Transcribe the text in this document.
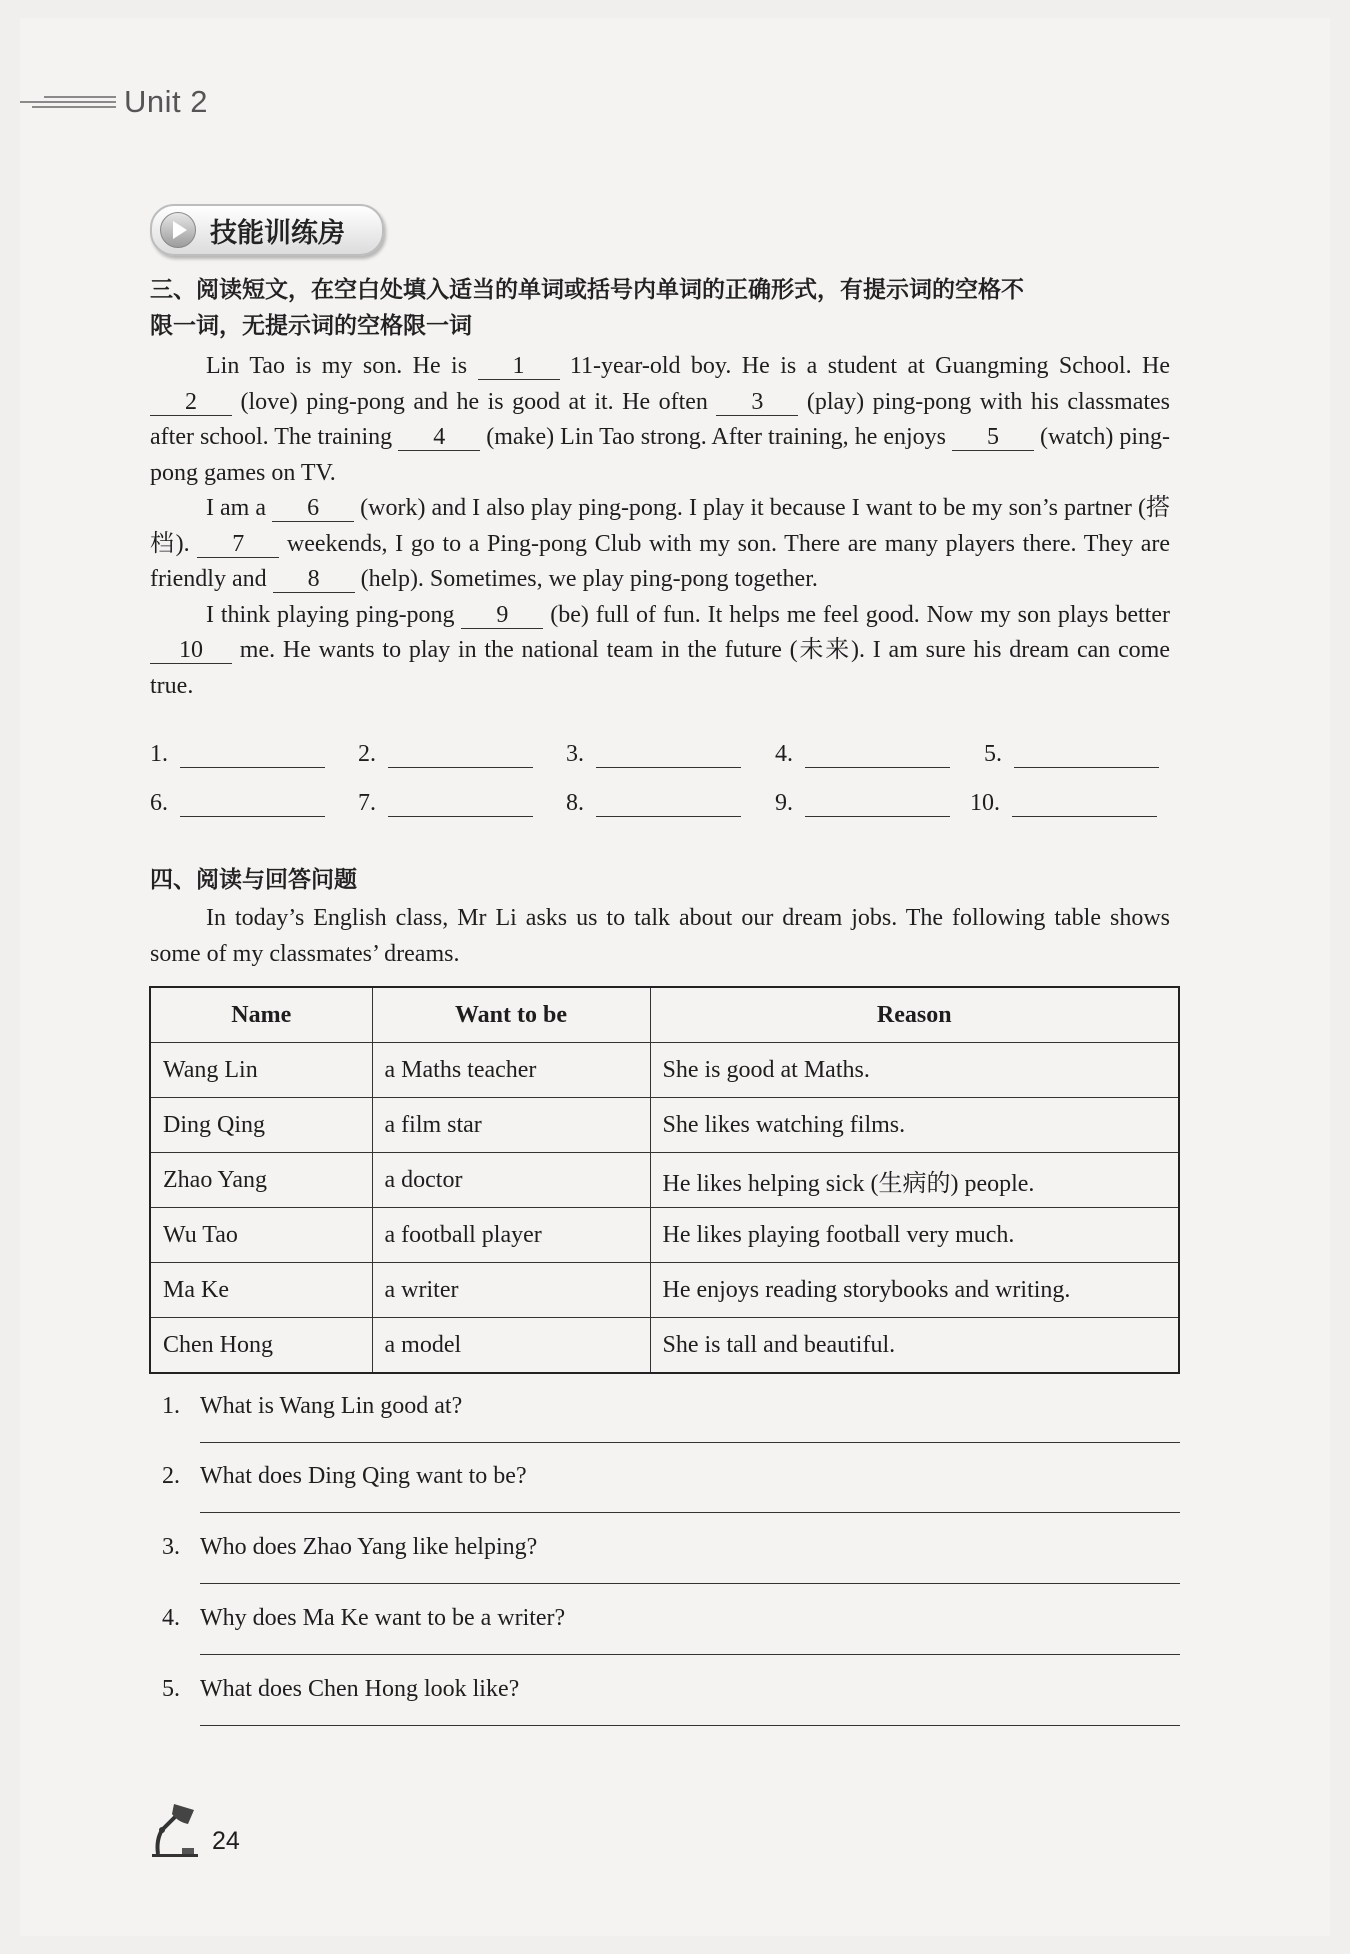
Unit 2
技能训练房
三、阅读短文，在空白处填入适当的单词或括号内单词的正确形式，有提示词的空格不
限一词，无提示词的空格限一词

Lin Tao is my son. He is 1 11-year-old boy. He is a student at Guangming School. He 2 (love) ping-pong and he is good at it. He often 3 (play) ping-pong with his classmates after school. The training 4 (make) Lin Tao strong. After training, he enjoys 5 (watch) ping-pong games on TV.

I am a 6 (work) and I also play ping-pong. I play it because I want to be my son’s partner (搭档). 7 weekends, I go to a Ping-pong Club with my son. There are many players there. They are friendly and 8 (help). Sometimes, we play ping-pong together.

I think playing ping-pong 9 (be) full of fun. It helps me feel good. Now my son plays better 10 me. He wants to play in the national team in the future (未来). I am sure his dream can come true.

1.	2.	3.	4.	5.
6.	7.	8.	9.	10.
四、阅读与回答问题

In today’s English class, Mr Li asks us to talk about our dream jobs. The following table shows some of my classmates’ dreams.

Name	Want to be	Reason
Wang Lin	a Maths teacher	She is good at Maths.
Ding Qing	a film star	She likes watching films.
Zhao Yang	a doctor	He likes helping sick (生病的) people.
Wu Tao	a football player	He likes playing football very much.
Ma Ke	a writer	He enjoys reading storybooks and writing.
Chen Hong	a model	She is tall and beautiful.
1. What is Wang Lin good at?
2. What does Ding Qing want to be?
3. Who does Zhao Yang like helping?
4. Why does Ma Ke want to be a writer?
5. What does Chen Hong look like?
24
